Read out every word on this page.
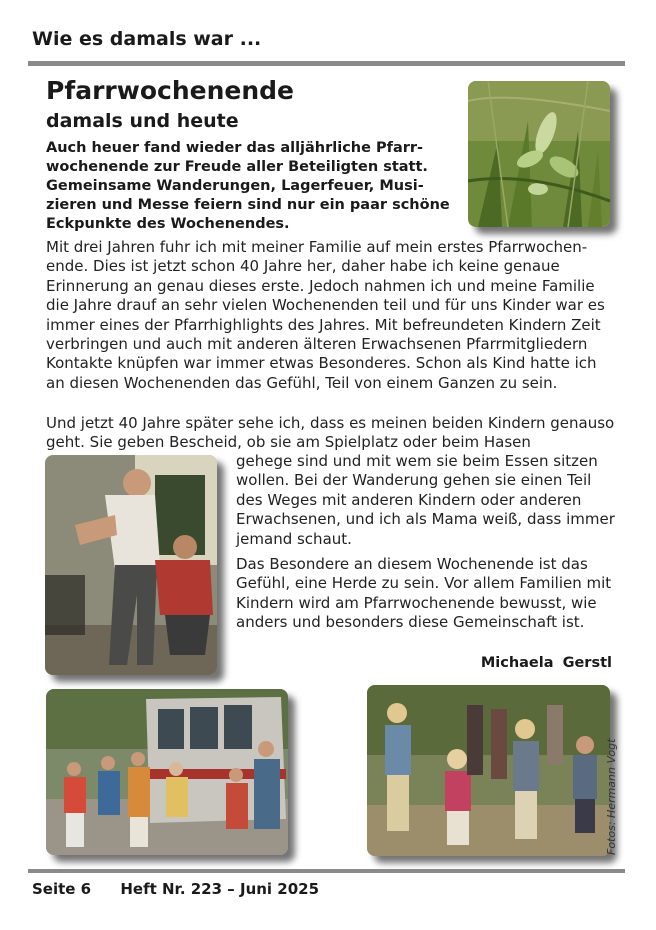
Wie es damals war ...
Pfarrwochenende
damals und heute
Auch heuer fand wieder das alljährliche Pfarrwochenende zur Freude aller Beteiligten statt. Gemeinsame Wanderungen, Lagerfeuer, Musizieren und Messe feiern sind nur ein paar schöne Eckpunkte des Wochenendes.
Mit drei Jahren fuhr ich mit meiner Familie auf mein erstes Pfarrwochenende. Dies ist jetzt schon 40 Jahre her, daher habe ich keine genaue Erinnerung an genau dieses erste. Jedoch nahmen ich und meine Familie die Jahre drauf an sehr vielen Wochenenden teil und für uns Kinder war es immer eines der Pfarrhighlights des Jahres. Mit befreundeten Kindern Zeit verbringen und auch mit anderen älteren Erwachsenen Pfarrmitgliedern Kontakte knüpfen war immer etwas Besonderes. Schon als Kind hatte ich an diesen Wochenenden das Gefühl, Teil von einem Ganzen zu sein.
Und jetzt 40 Jahre später sehe ich, dass es meinen beiden Kindern genauso geht. Sie geben Bescheid, ob sie am Spielplatz oder beim Hasen

gehege sind und mit wem sie beim Essen sitzen wollen. Bei der Wanderung gehen sie einen Teil des Weges mit anderen Kindern oder anderen Erwachsenen, und ich als Mama weiß, dass immer jemand schaut.

Das Besondere an diesem Wochenende ist das Gefühl, eine Herde zu sein. Vor allem Familien mit Kindern wird am Pfarrwochenende bewusst, wie anders und besonders diese Gemeinschaft ist.

Michaela Gerstl
Fotos: Hermann Vogt
Seite 6 Heft Nr. 223 – Juni 2025
